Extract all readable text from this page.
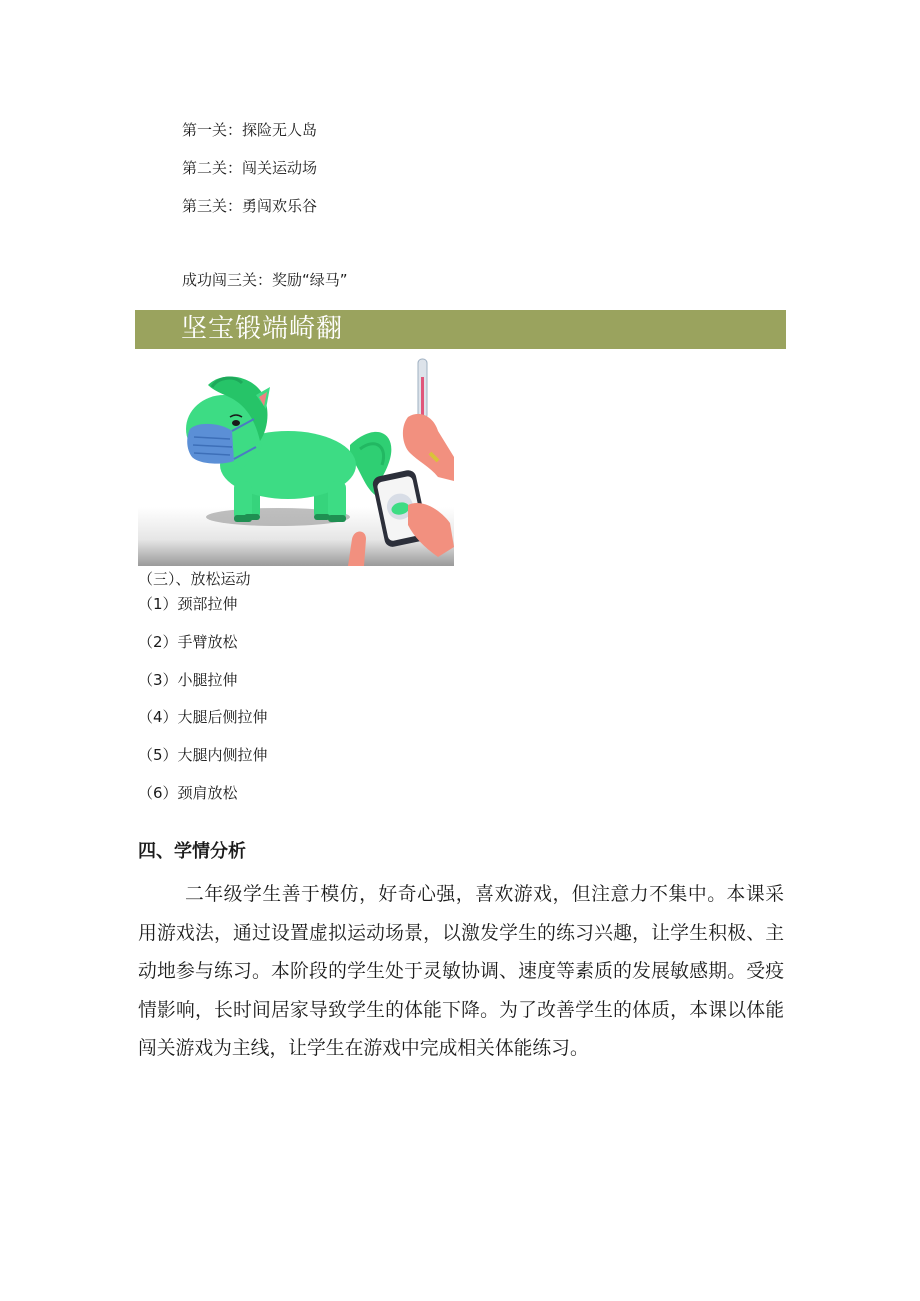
第一关：探险无人岛
第二关：闯关运动场
第三关：勇闯欢乐谷
成功闯三关：奖励“绿马”
坚宝锻端崎翻
（三）、放松运动
（1）颈部拉伸
（2）手臂放松
（3）小腿拉伸
（4）大腿后侧拉伸
（5）大腿内侧拉伸
（6）颈肩放松
四、学情分析
二年级学生善于模仿，好奇心强，喜欢游戏，但注意力不集中。本课采用游戏法，通过设置虚拟运动场景，以激发学生的练习兴趣，让学生积极、主动地参与练习。本阶段的学生处于灵敏协调、速度等素质的发展敏感期。受疫情影响，长时间居家导致学生的体能下降。为了改善学生的体质，本课以体能闯关游戏为主线，让学生在游戏中完成相关体能练习。
